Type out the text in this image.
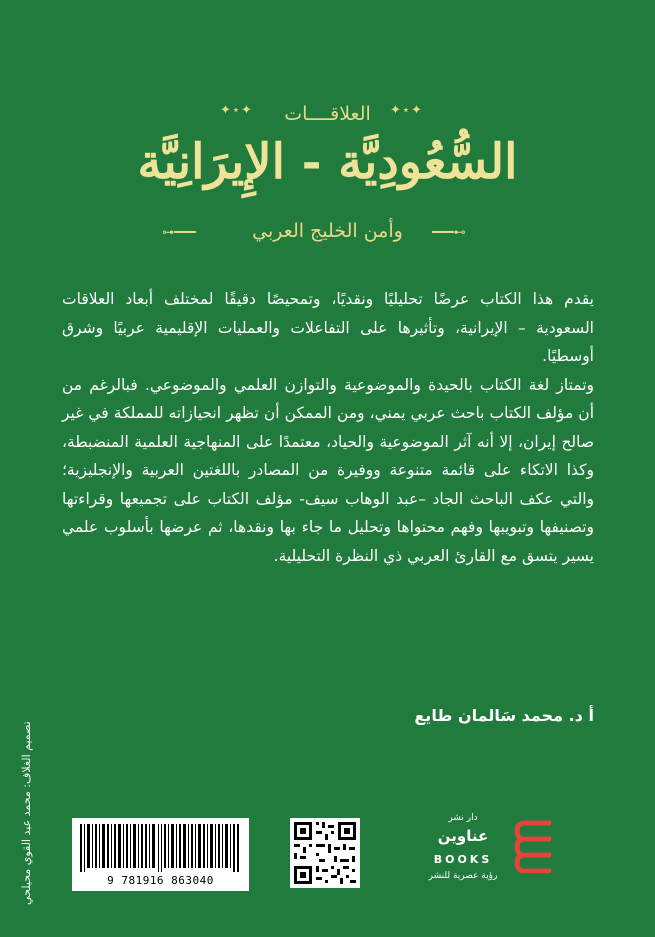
✦⋆✦	العلاقــــات	✦⋆✦
السُّعُودِيَّة - الإِيرَانِيَّة
⊶━━━	وأمن الخليج العربي	━━━⊷

يقدم هذا الكتاب عرضًا تحليليًا ونقديًا، وتمحيصًا دقيقًا لمختلف أبعاد العلاقات السعودية – الإيرانية، وتأثيرها على التفاعلات والعمليات الإقليمية عربيًا وشرق أوسطيًا.

وتمتاز لغة الكتاب بالحيدة والموضوعية والتوازن العلمي والموضوعي. فبالرغم من أن مؤلف الكتاب باحث عربي يمني، ومن الممكن أن تظهر انحيازاته للمملكة في غير صالح إيران، إلا أنه آثر الموضوعية والحياد، معتمدًا على المنهاجية العلمية المنضبطة، وكذا الاتكاء على قائمة متنوعة ووفيرة من المصادر باللغتين العربية والإنجليزية؛ والتي عكف الباحث الجاد –عبد الوهاب سيف- مؤلف الكتاب على تجميعها وقراءتها وتصنيفها وتبويبها وفهم محتواها وتحليل ما جاء بها ونقدها، ثم عرضها بأسلوب علمي يسير يتسق مع القارئ العربي ذي النظرة التحليلية.

أ د. محمد سَالمان طايع
تصميم الغلاف: محمد عبد القوي محيلحي	9 781916 863040
دار نشر
عناوين
BOOKS
رؤية عصرية للنشر
